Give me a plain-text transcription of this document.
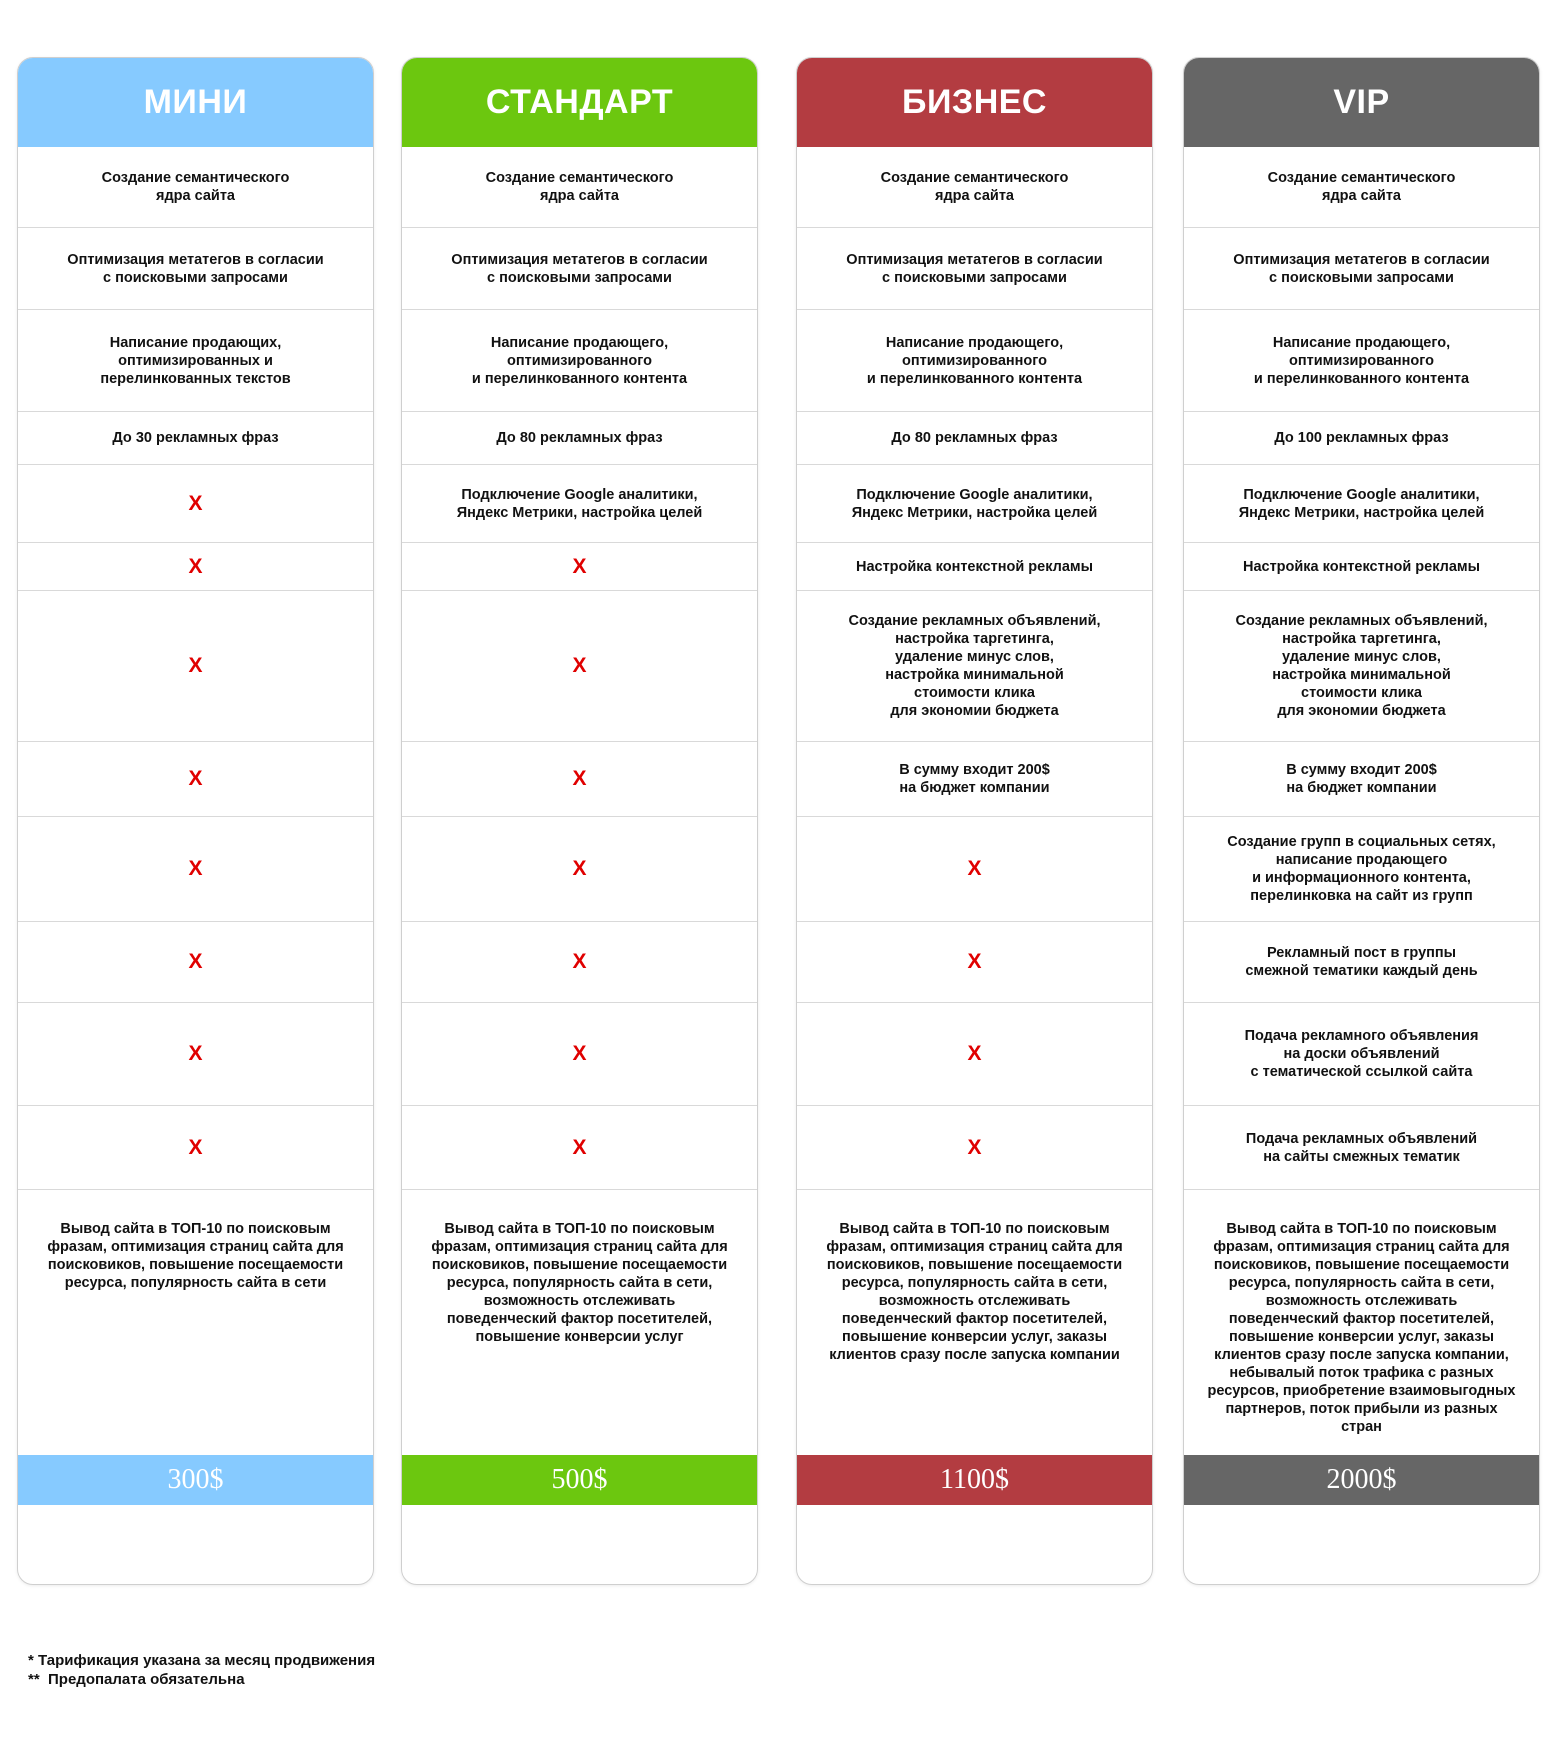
МИНИ
Создание семантического
ядра сайта
Оптимизация метатегов в согласии
с поисковыми запросами
Написание продающих,
оптимизированных и
перелинкованных текстов
До 30 рекламных фраз
X
X
X
X
X
X
X
X
Вывод сайта в ТОП-10 по поисковым
фразам, оптимизация страниц сайта для
поисковиков, повышение посещаемости
ресурса, популярность сайта в сети
300$
СТАНДАРТ
Создание семантического
ядра сайта
Оптимизация метатегов в согласии
с поисковыми запросами
Написание продающего,
оптимизированного
и перелинкованного контента
До 80 рекламных фраз
Подключение Google аналитики,
Яндекс Метрики, настройка целей
X
X
X
X
X
X
X
Вывод сайта в ТОП-10 по поисковым
фразам, оптимизация страниц сайта для
поисковиков, повышение посещаемости
ресурса, популярность сайта в сети,
возможность отслеживать
поведенческий фактор посетителей,
повышение конверсии услуг
500$
БИЗНЕС
Создание семантического
ядра сайта
Оптимизация метатегов в согласии
с поисковыми запросами
Написание продающего,
оптимизированного
и перелинкованного контента
До 80 рекламных фраз
Подключение Google аналитики,
Яндекс Метрики, настройка целей
Настройка контекстной рекламы
Создание рекламных объявлений,
настройка таргетинга,
удаление минус слов,
настройка минимальной
стоимости клика
для экономии бюджета
В сумму входит 200$
на бюджет компании
X
X
X
X
Вывод сайта в ТОП-10 по поисковым
фразам, оптимизация страниц сайта для
поисковиков, повышение посещаемости
ресурса, популярность сайта в сети,
возможность отслеживать
поведенческий фактор посетителей,
повышение конверсии услуг, заказы
клиентов сразу после запуска компании
1100$
VIP
Создание семантического
ядра сайта
Оптимизация метатегов в согласии
с поисковыми запросами
Написание продающего,
оптимизированного
и перелинкованного контента
До 100 рекламных фраз
Подключение Google аналитики,
Яндекс Метрики, настройка целей
Настройка контекстной рекламы
Создание рекламных объявлений,
настройка таргетинга,
удаление минус слов,
настройка минимальной
стоимости клика
для экономии бюджета
В сумму входит 200$
на бюджет компании
Создание групп в социальных сетях,
написание продающего
и информационного контента,
перелинковка на сайт из групп
Рекламный пост в группы
смежной тематики каждый день
Подача рекламного объявления
на доски объявлений
с тематической ссылкой сайта
Подача рекламных объявлений
на сайты смежных тематик
Вывод сайта в ТОП-10 по поисковым
фразам, оптимизация страниц сайта для
поисковиков, повышение посещаемости
ресурса, популярность сайта в сети,
возможность отслеживать
поведенческий фактор посетителей,
повышение конверсии услуг, заказы
клиентов сразу после запуска компании,
небывалый поток трафика с разных
ресурсов, приобретение взаимовыгодных
партнеров, поток прибыли из разных
стран
2000$
* Тарификация указана за месяц продвижения
**  Предопалата обязательна
